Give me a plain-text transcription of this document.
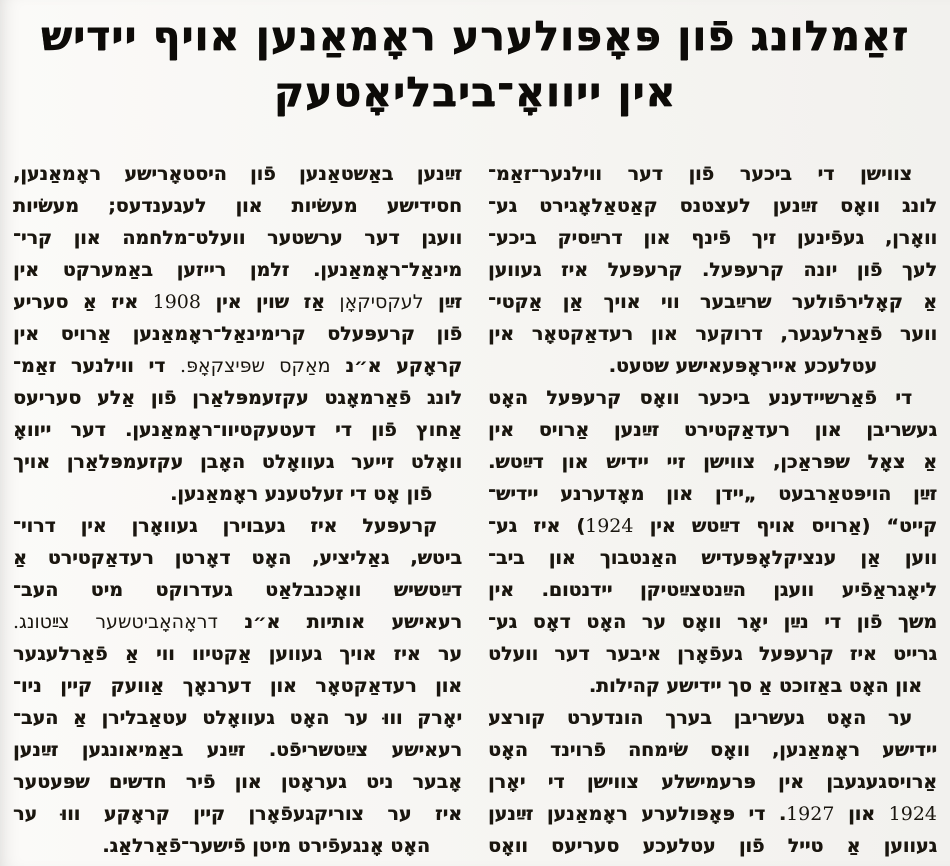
זאַמלונג פֿון פּאָפּולערע ראָמאַנען אויף יידיש
אין ייוואָ־ביבליאָטעק
צווישן די ביכער פֿון דער ווילנער־זאַמ־
לונג וואָס זײַנען לעצטנס קאַטאַלאָגירט גע־
וואָרן, געפֿינען זיך פֿינף און דרײַסיק ביכע־
לעך פֿון יונה קרעפּעל. קרעפּעל איז געווען
אַ קאָלירפֿולער שרײַבער ווי אויך אַן אַקטי־
ווער פֿאַרלעגער, דרוקער און רעדאַקטאָר אין
עטלעכע אייראָפּעאישע שטעט.
די פֿאַרשיידענע ביכער וואָס קרעפּעל האָט
געשריבן און רעדאַקטירט זײַנען אַרויס אין
אַ צאָל שפּראַכן, צווישן זיי יידיש און דײַטש.
זײַן הויפּטאַרבעט „יידן און מאָדערנע יידיש־
קייט“ (אַרויס אויף דײַטש אין 1924) איז גע־
ווען אַן ענציקלאָפּעדיש האַנטבוך און ביב־
ליאָגראַפֿיע וועגן הײַנטצײַטיקן יידנטום. אין
משך פֿון די נײַן יאָר וואָס ער האָט דאָס גע־
גרייט איז קרעפּעל געפֿאָרן איבער דער וועלט
און האָט באַזוכט אַ סך יידישע קהילות.
ער האָט געשריבן בערך הונדערט קורצע
יידישע ראָמאַנען, וואָס שׂימחה פֿרוינד האָט
אַרויסגעגעבן אין פּרעמישלע צווישן די יאָרן
1924 און 1927. די פּאָפּולערע ראָמאַנען זײַנען
געווען אַ טייל פֿון עטלעכע סעריעס וואָס
זײַנען באַשטאַנען פֿון היסטאָרישע ראָמאַנען,
חסידישע מעשׂיות און לעגענדעס; מעשׂיות
וועגן דער ערשטער וועלט־מלחמה און קרי־
מינאַל־ראָמאַנען. זלמן רייזען באַמערקט אין
זײַן לעקסיקאָן אַז שוין אין 1908 איז אַ סעריע
פֿון קרעפּעלס קרימינאַל־ראָמאַנען אַרויס אין
קראָקע א״נ מאַקס שפּיצקאָפּ. די ווילנער זאַמ־
לונג פֿאַרמאָגט עקזעמפּלאַרן פֿון אַלע סעריעס
אַחוץ פֿון די דעטעקטיוו־ראָמאַנען. דער ייוואָ
וואָלט זייער געוואָלט האָבן עקזעמפּלאַרן אויך
פֿון אָט די זעלטענע ראָמאַנען.
קרעפּעל איז געבוירן געוואָרן אין דרוי־
ביטש, גאַליציע, האָט דאָרטן רעדאַקטירט אַ
דײַטשיש וואָכנבלאַט געדרוקט מיט העב־
רעאישע אותיות א״נ דראָהאָביטשער צײַטונג.
ער איז אויך געווען אַקטיוו ווי אַ פֿאַרלעגער
און רעדאַקטאָר און דערנאָך אַוועק קיין ניו־
יאָרק וווּ ער האָט געוואָלט עטאַבלירן אַ העב־
רעאישע צײַטשריפֿט. זײַנע באַמיאונגען זײַנען
אָבער ניט געראָטן און פֿיר חדשים שפּעטער
איז ער צוריקגעפֿאָרן קיין קראָקע וווּ ער
האָט אָנגעפֿירט מיטן פֿישער־פֿאַרלאַג.
